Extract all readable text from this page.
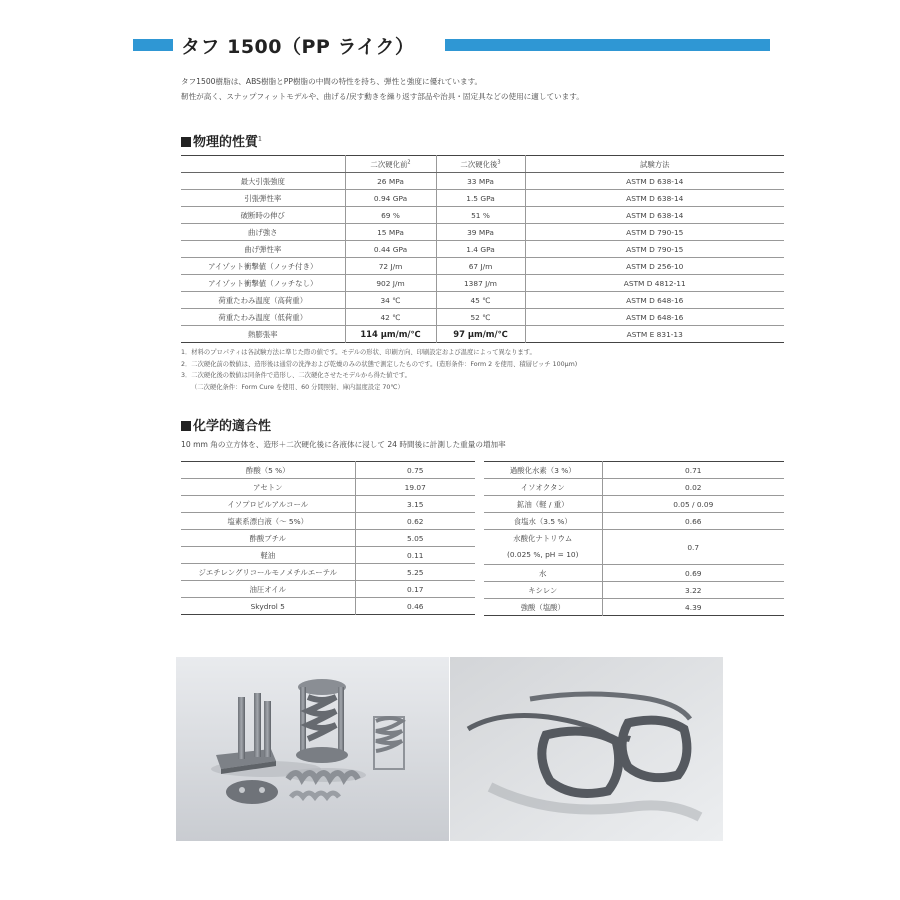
タフ 1500（PP ライク）
タフ1500樹脂は、ABS樹脂とPP樹脂の中間の特性を持ち、弾性と強度に優れています。
靭性が高く、スナップフィットモデルや、曲げる/戻す動きを繰り返す部品や治具・固定具などの使用に適しています。
物理的性質$^1$
	二次硬化前$^2$	二次硬化後$^3$	試験方法
最大引張強度	26 MPa	33 MPa	ASTM D 638-14
引張弾性率	0.94 GPa	1.5 GPa	ASTM D 638-14
破断時の伸び	69 %	51 %	ASTM D 638-14
曲げ強さ	15 MPa	39 MPa	ASTM D 790-15
曲げ弾性率	0.44 GPa	1.4 GPa	ASTM D 790-15
アイゾット衝撃値（ノッチ付き）	72 J/m	67 J/m	ASTM D 256-10
アイゾット衝撃値（ノッチなし）	902 J/m	1387 J/m	ASTM D 4812-11
荷重たわみ温度（高荷重）	34 ℃	45 ℃	ASTM D 648-16
荷重たわみ温度（低荷重）	42 ℃	52 ℃	ASTM D 648-16
熱膨張率	114 μm/m/℃	97 μm/m/℃	ASTM E 831-13
1．材料のプロパティは各試験方法に準じた際の値です。モデルの形状、印刷方向、印刷設定および温度によって異なります。
2．二次硬化前の数値は、造形後は通常の洗浄および乾燥のみの状態で測定したものです。(造形条件：Form 2 を使用、積層ピッチ 100μm)
3．二次硬化後の数値は同条件で造形し、二次硬化させたモデルから得た値です。
（二次硬化条件：Form Cure を使用、60 分間照射、庫内温度設定 70℃）
化学的適合性
10 mm 角の立方体を、造形＋二次硬化後に各液体に浸して 24 時間後に計測した重量の増加率
酢酸（5 %）	0.75
アセトン	19.07
イソプロピルアルコール	3.15
塩素系漂白液（～ 5%）	0.62
酢酸ブチル	5.05
軽油	0.11
ジエチレングリコールモノメチルエーテル	5.25
油圧オイル	0.17
Skydrol 5	0.46
過酸化水素（3 %）	0.71
イソオクタン	0.02
鉱油（軽 / 重）	0.05 / 0.09
食塩水（3.5 %）	0.66
水酸化ナトリウム
(0.025 %, pH = 10)	0.7
水	0.69
キシレン	3.22
強酸（塩酸）	4.39
